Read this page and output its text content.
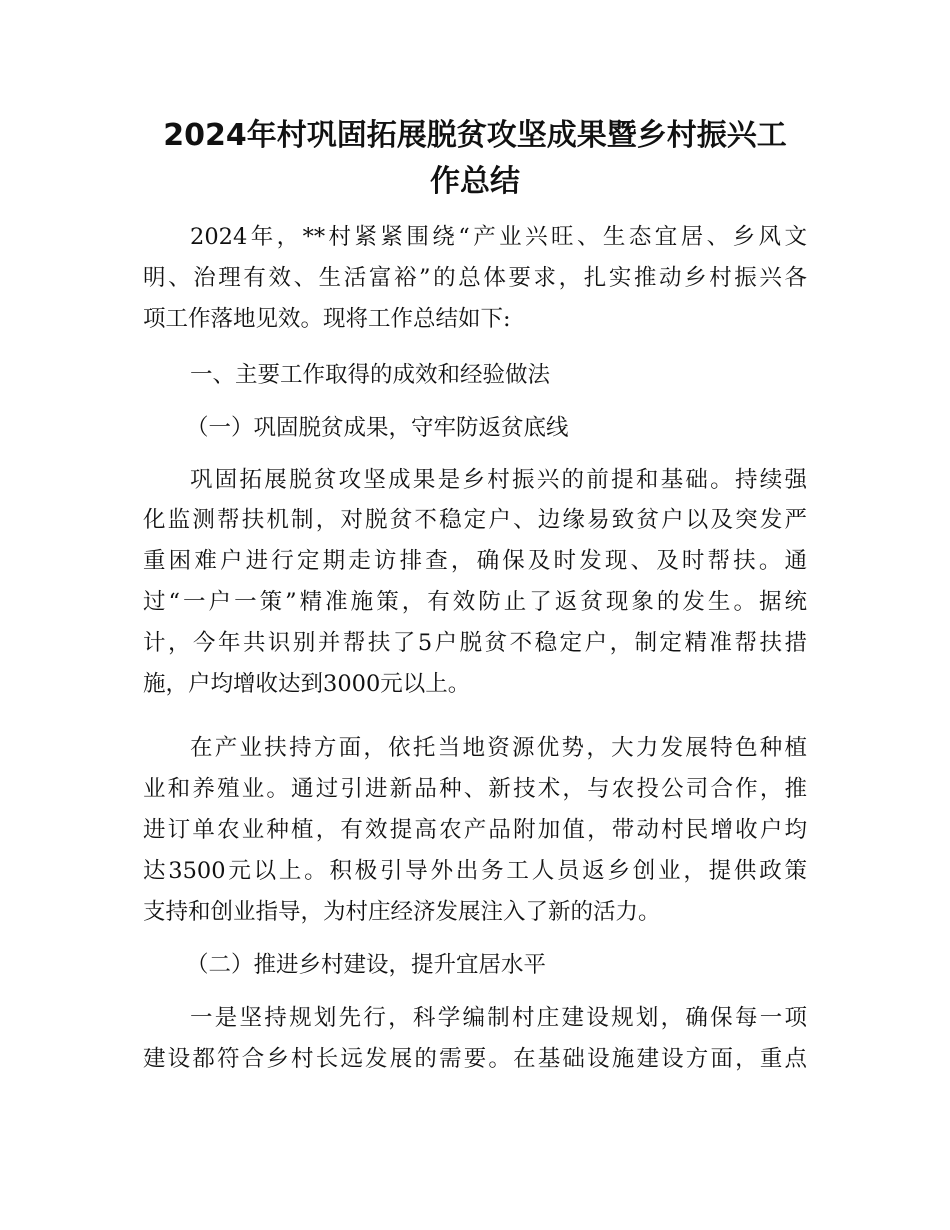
2024年村巩固拓展脱贫攻坚成果暨乡村振兴工
作总结

2024年，**村紧紧围绕“产业兴旺、生态宜居、乡风文

明、治理有效、生活富裕”的总体要求，扎实推动乡村振兴各

项工作落地见效。现将工作总结如下:

一、主要工作取得的成效和经验做法

（一）巩固脱贫成果，守牢防返贫底线

巩固拓展脱贫攻坚成果是乡村振兴的前提和基础。持续强

化监测帮扶机制，对脱贫不稳定户、边缘易致贫户以及突发严

重困难户进行定期走访排查，确保及时发现、及时帮扶。通

过“一户一策”精准施策，有效防止了返贫现象的发生。据统

计，今年共识别并帮扶了5户脱贫不稳定户，制定精准帮扶措

施，户均增收达到3000元以上。

在产业扶持方面，依托当地资源优势，大力发展特色种植

业和养殖业。通过引进新品种、新技术，与农投公司合作，推

进订单农业种植，有效提高农产品附加值，带动村民增收户均

达3500元以上。积极引导外出务工人员返乡创业，提供政策

支持和创业指导，为村庄经济发展注入了新的活力。

（二）推进乡村建设，提升宜居水平

一是坚持规划先行，科学编制村庄建设规划，确保每一项

建设都符合乡村长远发展的需要。在基础设施建设方面，重点
